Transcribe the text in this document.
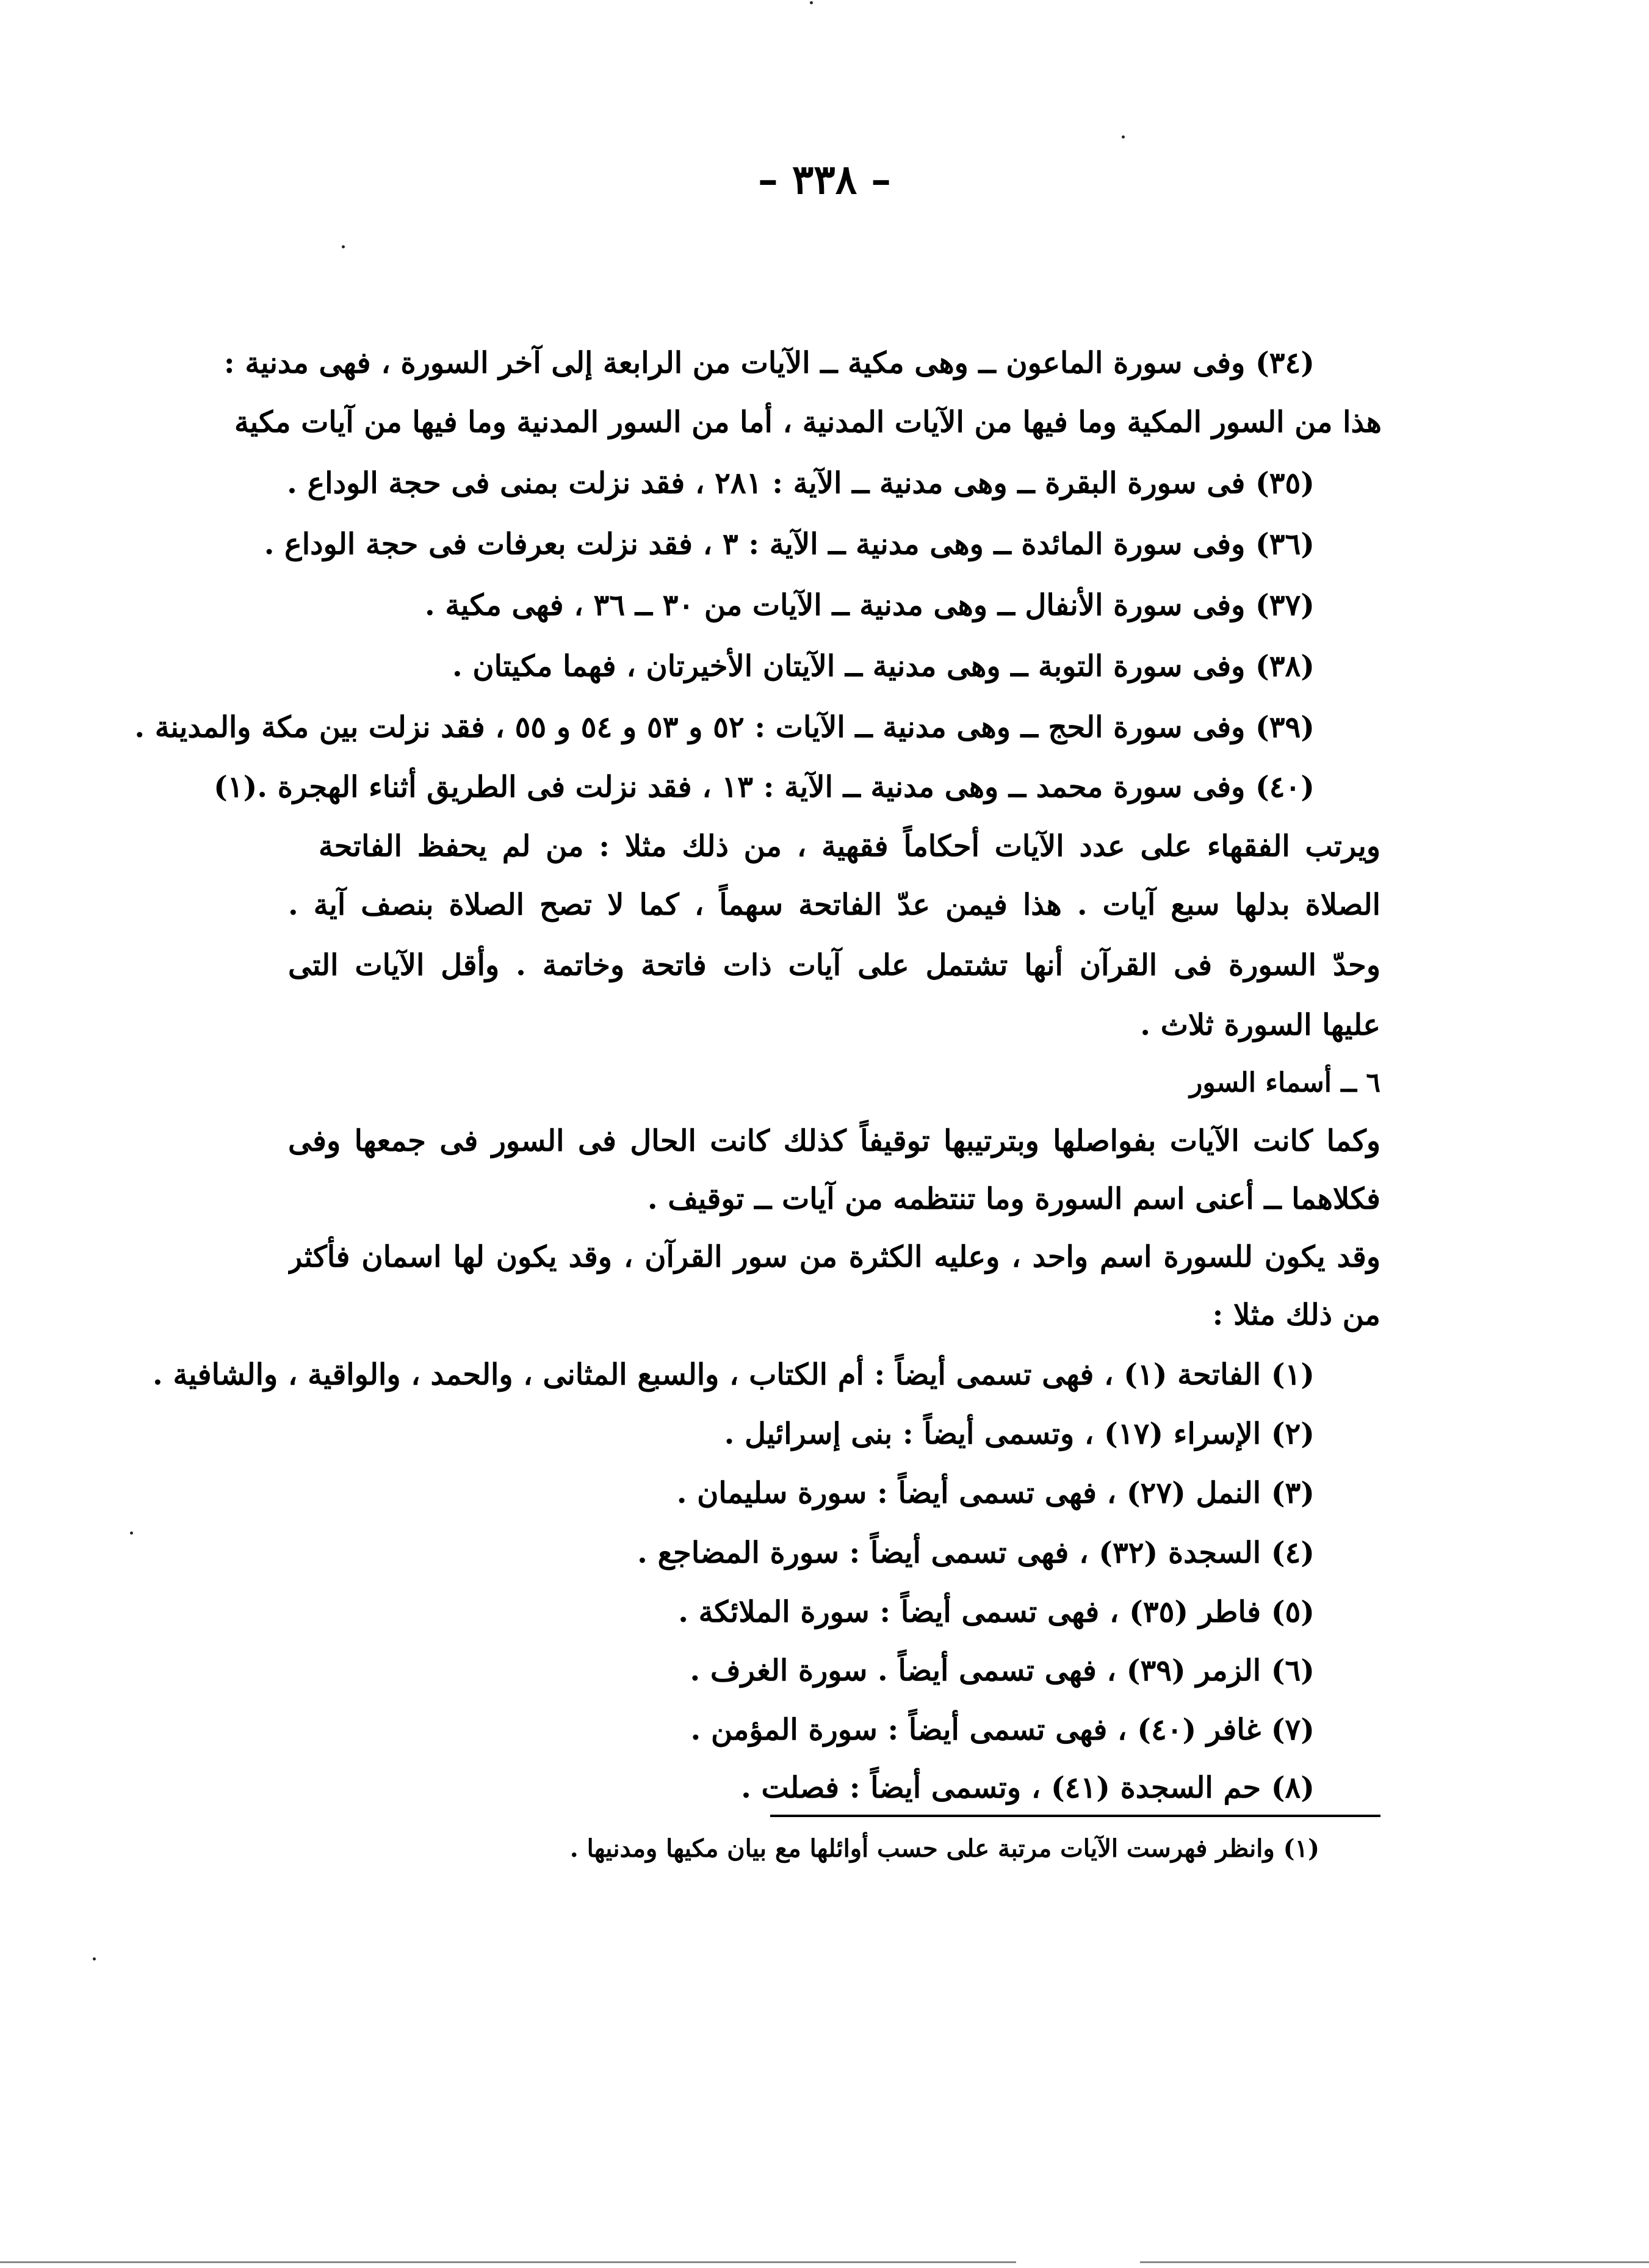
– ٣٣٨ –
(٣٤) وفى سورة الماعون ــ وهى مكية ــ الآيات من الرابعة إلى آخر السورة ، فهى مدنية :
هذا من السور المكية وما فيها من الآيات المدنية ، أما من السور المدنية وما فيها من آيات مكية
(٣٥) فى سورة البقرة ــ وهى مدنية ــ الآية : ٢٨١ ، فقد نزلت بمنى فى حجة الوداع .
(٣٦) وفى سورة المائدة ــ وهى مدنية ــ الآية : ٣ ، فقد نزلت بعرفات فى حجة الوداع .
(٣٧) وفى سورة الأنفال ــ وهى مدنية ــ الآيات من ٣٠ ــ ٣٦ ، فهى مكية .
(٣٨) وفى سورة التوبة ــ وهى مدنية ــ الآيتان الأخيرتان ، فهما مكيتان .
(٣٩) وفى سورة الحج ــ وهى مدنية ــ الآيات : ٥٢ و ٥٣ و ٥٤ و ٥٥ ، فقد نزلت بين مكة والمدينة .
(٤٠) وفى سورة محمد ــ وهى مدنية ــ الآية : ١٣ ، فقد نزلت فى الطريق أثناء الهجرة .(١)
ويرتب الفقهاء على عدد الآيات أحكاماً فقهية ، من ذلك مثلا : من لم يحفظ الفاتحة
الصلاة بدلها سبع آيات . هذا فيمن عدّ الفاتحة سهماً ، كما لا تصح الصلاة بنصف آية .
وحدّ السورة فى القرآن أنها تشتمل على آيات ذات فاتحة وخاتمة . وأقل الآيات التى
عليها السورة ثلاث .
٦ ــ أسماء السور
وكما كانت الآيات بفواصلها وبترتيبها توقيفاً كذلك كانت الحال فى السور فى جمعها وفى
فكلاهما ــ أعنى اسم السورة وما تنتظمه من آيات ــ توقيف .
وقد يكون للسورة اسم واحد ، وعليه الكثرة من سور القرآن ، وقد يكون لها اسمان فأكثر
من ذلك مثلا :
(١) الفاتحة (١) ، فهى تسمى أيضاً : أم الكتاب ، والسبع المثانى ، والحمد ، والواقية ، والشافية .
(٢) الإسراء (١٧) ، وتسمى أيضاً : بنى إسرائيل .
(٣) النمل (٢٧) ، فهى تسمى أيضاً : سورة سليمان .
(٤) السجدة (٣٢) ، فهى تسمى أيضاً : سورة المضاجع .
(٥) فاطر (٣٥) ، فهى تسمى أيضاً : سورة الملائكة .
(٦) الزمر (٣٩) ، فهى تسمى أيضاً . سورة الغرف .
(٧) غافر (٤٠) ، فهى تسمى أيضاً : سورة المؤمن .
(٨) حم السجدة (٤١) ، وتسمى أيضاً : فصلت .
(١) وانظر فهرست الآيات مرتبة على حسب أوائلها مع بيان مكيها ومدنيها .
